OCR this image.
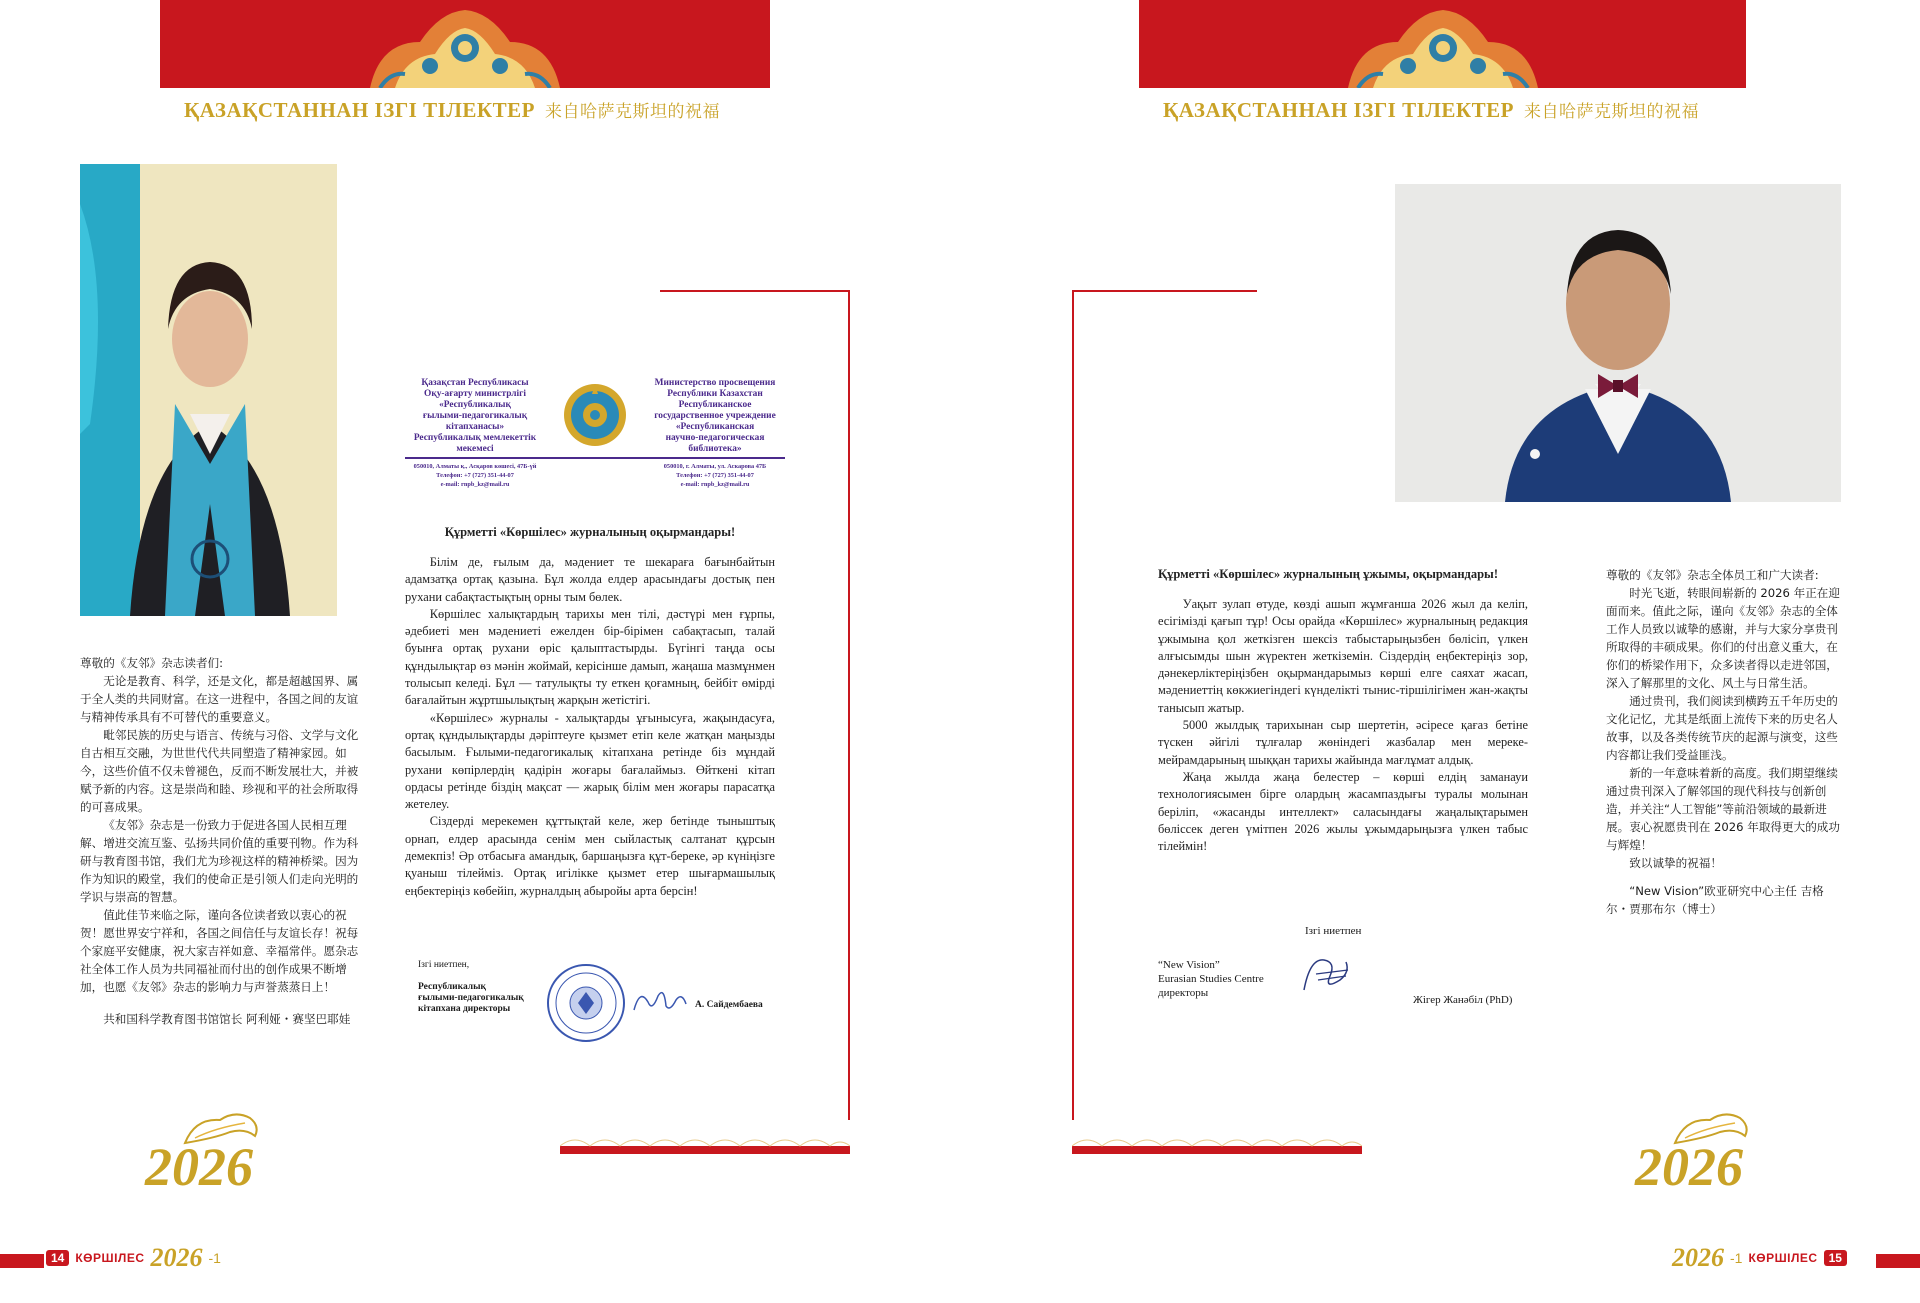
ҚАЗАҚСТАННАН ІЗГІ ТІЛЕКТЕР 来自哈萨克斯坦的祝福

尊敬的《友邻》杂志读者们:

无论是教育、科学，还是文化，都是超越国界、属于全人类的共同财富。在这一进程中，各国之间的友谊与精神传承具有不可替代的重要意义。

毗邻民族的历史与语言、传统与习俗、文学与文化自古相互交融，为世世代代共同塑造了精神家园。如今，这些价值不仅未曾褪色，反而不断发展壮大，并被赋予新的内容。这是崇尚和睦、珍视和平的社会所取得的可喜成果。

《友邻》杂志是一份致力于促进各国人民相互理解、增进交流互鉴、弘扬共同价值的重要刊物。作为科研与教育图书馆，我们尤为珍视这样的精神桥梁。因为作为知识的殿堂，我们的使命正是引领人们走向光明的学识与崇高的智慧。

值此佳节来临之际，谨向各位读者致以衷心的祝贺！愿世界安宁祥和，各国之间信任与友谊长存！祝每个家庭平安健康，祝大家吉祥如意、幸福常伴。愿杂志社全体工作人员为共同福祉而付出的创作成果不断增加，也愿《友邻》杂志的影响力与声誉蒸蒸日上！

共和国科学教育图书馆馆长 阿利娅・赛坚巴耶娃

Қазақстан Республикасы
Оқу-ағарту министрлігі
«Республикалық
ғылыми-педагогикалық
кітапханасы»
Республикалық мемлекеттік
мекемесі
Министерство просвещения
Республики Казахстан
Республиканское
государственное учреждение
«Республиканская
научно-педагогическая
библиотека»
050010, Алматы қ., Асқаров көшесі, 47Б-үй
Телефон: +7 (727) 351-44-07
e-mail: rnpb_kz@mail.ru
050010, г. Алматы, ул. Аскарова 47Б
Телефон: +7 (727) 351-44-07
e-mail: rnpb_kz@mail.ru
Құрметті «Көршілес» журналының оқырмандары!

Білім де, ғылым да, мәдениет те шекараға бағынбайтын адамзатқа ортақ қазына. Бұл жолда елдер арасындағы достық пен рухани сабақтастықтың орны тым бөлек.

Көршілес халықтардың тарихы мен тілі, дәстүрі мен ғұрпы, әдебиеті мен мәдениеті ежелден бір-бірімен сабақтасып, талай буынға ортақ рухани өріс қалыптастырды. Бүгінгі таңда осы құндылықтар өз мәнін жоймай, керісінше дамып, жаңаша мазмұнмен толысып келеді. Бұл — татулықты ту еткен қоғамның, бейбіт өмірді бағалайтын жұртшылықтың жарқын жетістігі.

«Көршілес» журналы - халықтарды ұғынысуға, жақындасуға, ортақ құндылықтарды дәріптеуге қызмет етіп келе жатқан маңызды басылым. Ғылыми-педагогикалық кітапхана ретінде біз мұндай рухани көпірлердің қадірін жоғары бағалаймыз. Өйткені кітап ордасы ретінде біздің мақсат — жарық білім мен жоғары парасатқа жетелеу.

Сіздерді мерекемен құттықтай келе, жер бетінде тыныштық орнап, елдер арасында сенім мен сыйластық салтанат құрсын демекпіз! Әр отбасыға амандық, баршаңызға құт-береке, әр күніңізге қуаныш тілейміз. Ортақ игілікке қызмет етер шығармашылық еңбектеріңіз көбейіп, журналдың абыройы арта берсін!

Ізгі ниетпен,
Республикалық
ғылыми-педагогикалық
кітапхана директоры	А. Сайдембаева
2026
14 КӨРШІЛЕС 2026 -1
ҚАЗАҚСТАННАН ІЗГІ ТІЛЕКТЕР 来自哈萨克斯坦的祝福
Құрметті «Көршілес» журналының ұжымы, оқырмандары!

Уақыт зулап өтуде, көзді ашып жұмғанша 2026 жыл да келіп, есігімізді қағып тұр! Осы орайда «Көршілес» журналының редакция ұжымына қол жеткізген шексіз табыстарыңызбен бөлісіп, үлкен алғысымды шын жүректен жеткіземін. Сіздердің еңбектеріңіз зор, дәнекерліктеріңізбен оқырмандарымыз көрші елге саяхат жасап, мәдениеттің көкжиегіндегі күнделікті тынис-тіршілігімен жан-жақты танысып жатыр.

5000 жылдық тарихынан сыр шертетін, әсіресе қағаз бетіне түскен әйгілі тұлғалар жөніндегі жазбалар мен мереке-мейрамдарының шыққан тарихы жайында мағлұмат алдық.

Жаңа жылда жаңа белестер – көрші елдің заманауи технологиясымен бірге олардың жасампаздығы туралы молынан беріліп, «жасанды интеллект» саласындағы жаңалықтарымен бөліссек деген үмітпен 2026 жылы ұжымдарыңызға үлкен табыс тілеймін!

Ізгі ниетпен
“New Vision”
Eurasian Studies Centre
директоры
Жігер Жанәбіл (PhD)

尊敬的《友邻》杂志全体员工和广大读者:

时光飞逝，转眼间崭新的 2026 年正在迎面而来。值此之际，谨向《友邻》杂志的全体工作人员致以诚挚的感谢，并与大家分享贵刊所取得的丰硕成果。你们的付出意义重大，在你们的桥梁作用下，众多读者得以走进邻国，深入了解那里的文化、风土与日常生活。

通过贵刊，我们阅读到横跨五千年历史的文化记忆，尤其是纸面上流传下来的历史名人故事，以及各类传统节庆的起源与演变，这些内容都让我们受益匪浅。

新的一年意味着新的高度。我们期望继续通过贵刊深入了解邻国的现代科技与创新创造，并关注“人工智能”等前沿领域的最新进展。衷心祝愿贵刊在 2026 年取得更大的成功与辉煌！

致以诚挚的祝福！

“New Vision”欧亚研究中心主任 吉格尔・贾那布尔（博士）

2026
2026 -1 КӨРШІЛЕС 15
